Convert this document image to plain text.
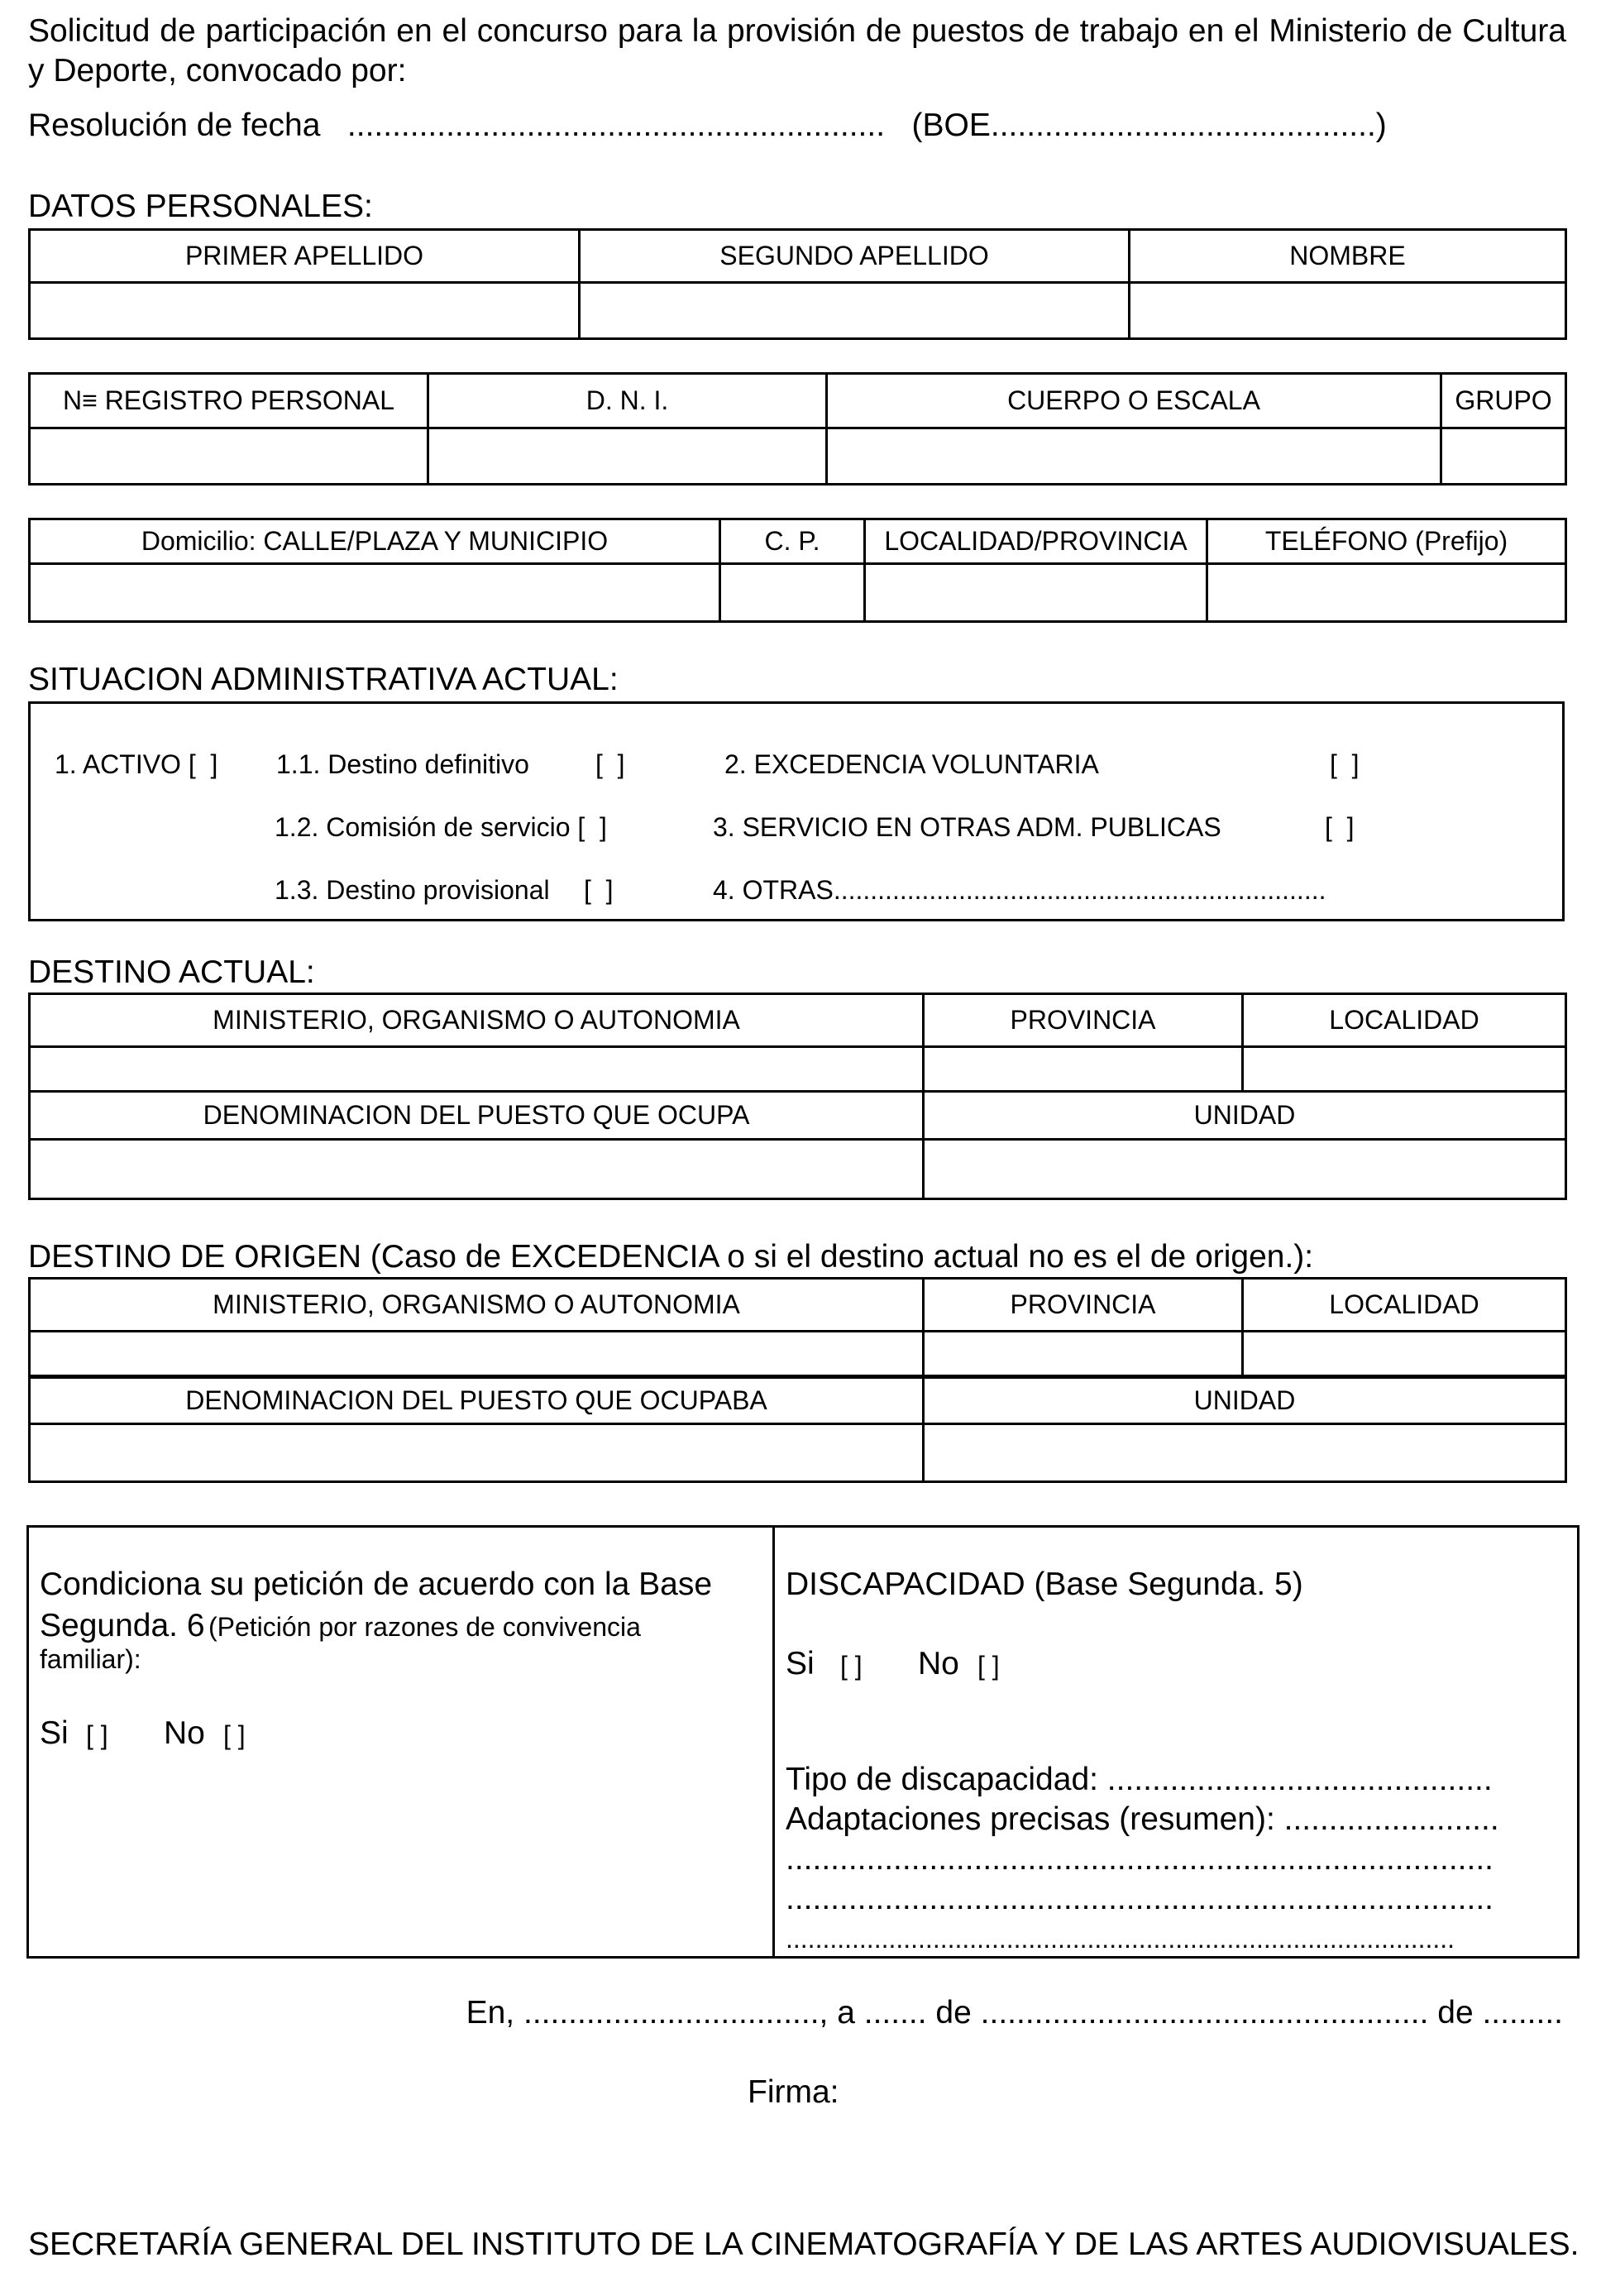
Solicitud de participación en el concurso para la provisión de puestos de trabajo en el Ministerio de Cultura y Deporte, convocado por:
Resolución de fecha   ............................................................   (BOE...........................................)
DATOS PERSONALES:
PRIMER APELLIDO	SEGUNDO APELLIDO	NOMBRE

N≡ REGISTRO PERSONAL	D. N. I.	CUERPO O ESCALA	GRUPO

Domicilio: CALLE/PLAZA Y MUNICIPIO	C. P.	LOCALIDAD/PROVINCIA	TELÉFONO (Prefijo)

SITUACION ADMINISTRATIVA ACTUAL:
1. ACTIVO [  ] 1.1. Destino definitivo	[  ]	2. EXCEDENCIA VOLUNTARIA	[  ]
1.2. Comisión de servicio [  ]	3. SERVICIO EN OTRAS ADM. PUBLICAS	[  ]
1.3. Destino provisional [  ]	4. OTRAS...................................................................
DESTINO ACTUAL:
MINISTERIO, ORGANISMO O AUTONOMIA	PROVINCIA	LOCALIDAD

DENOMINACION DEL PUESTO QUE OCUPA	UNIDAD

DESTINO DE ORIGEN (Caso de EXCEDENCIA o si el destino actual no es el de origen.):
MINISTERIO, ORGANISMO O AUTONOMIA	PROVINCIA	LOCALIDAD

DENOMINACION DEL PUESTO QUE OCUPABA	UNIDAD

Condiciona su petición de acuerdo con la Base
Segunda. 6 (Petición por razones de convivencia
familiar):
Si [ ] No [ ]
DISCAPACIDAD (Base Segunda. 5)
Si [ ] No [ ]
Tipo de discapacidad: ...........................................
Adaptaciones precisas (resumen): ........................
...............................................................................
...............................................................................
...........................................................................................
En, ................................., a ....... de .................................................. de .........
Firma:
SECRETARÍA GENERAL DEL INSTITUTO DE LA CINEMATOGRAFÍA Y DE LAS ARTES AUDIOVISUALES.
